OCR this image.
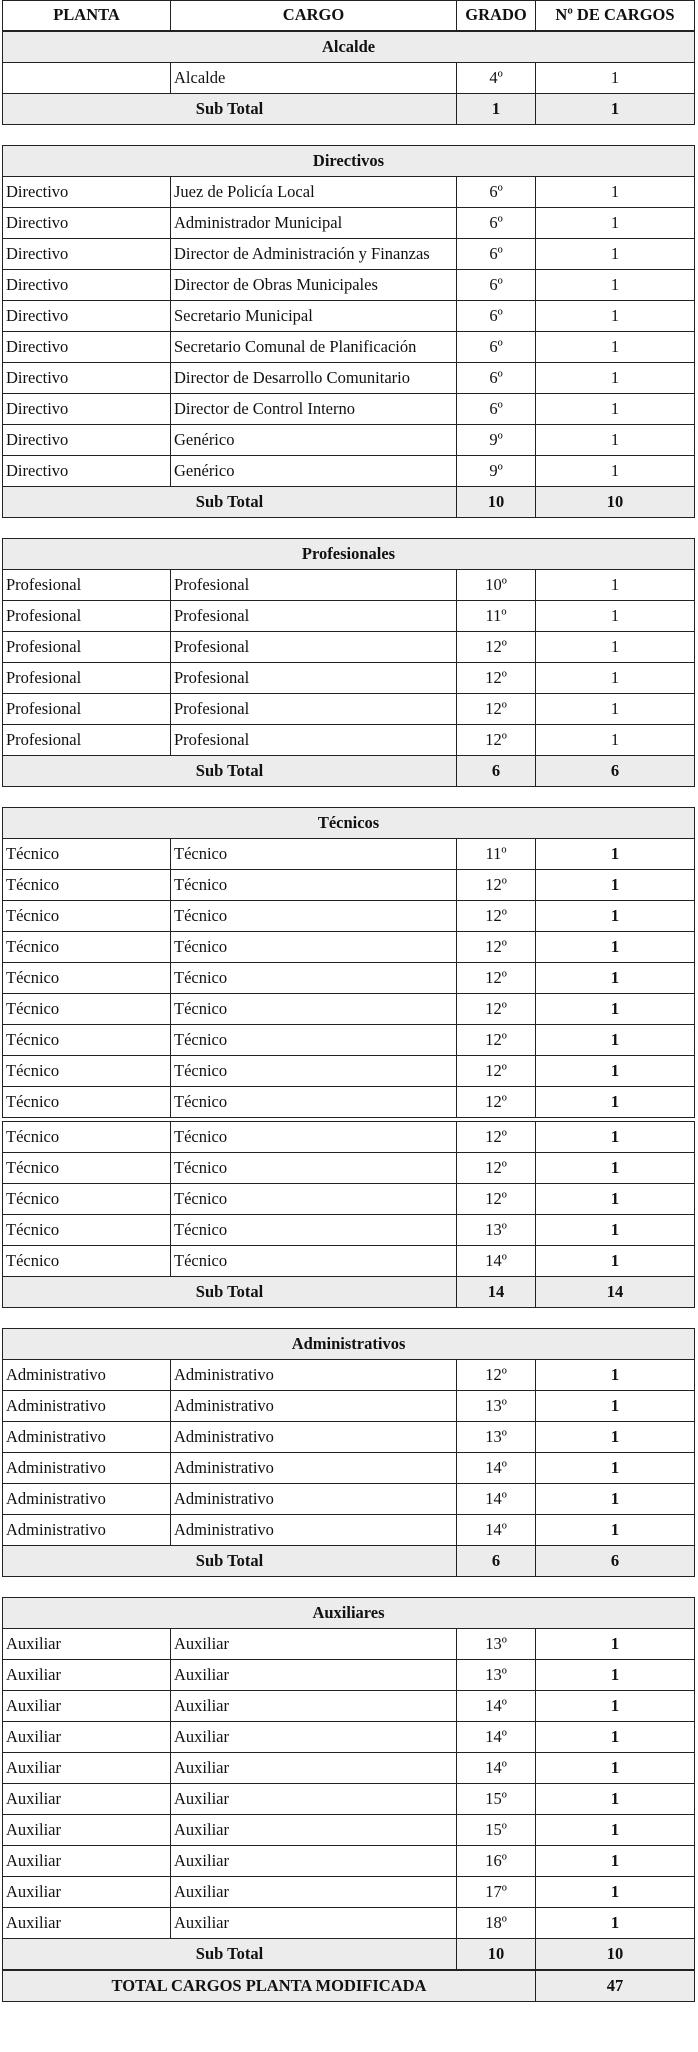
PLANTA	CARGO	GRADO	Nº DE CARGOS
Alcalde			
	Alcalde	4º	1
Sub Total		1	1
Directivos			
Directivo	Juez de Policía Local	6º	1
Directivo	Administrador Municipal	6º	1
Directivo	Director de Administración y Finanzas	6º	1
Directivo	Director de Obras Municipales	6º	1
Directivo	Secretario Municipal	6º	1
Directivo	Secretario Comunal de Planificación	6º	1
Directivo	Director de Desarrollo Comunitario	6º	1
Directivo	Director de Control Interno	6º	1
Directivo	Genérico	9º	1
Directivo	Genérico	9º	1
Sub Total		10	10
Profesionales			
Profesional	Profesional	10º	1
Profesional	Profesional	11º	1
Profesional	Profesional	12º	1
Profesional	Profesional	12º	1
Profesional	Profesional	12º	1
Profesional	Profesional	12º	1
Sub Total		6	6
Técnicos			
Técnico	Técnico	11º	1
Técnico	Técnico	12º	1
Técnico	Técnico	12º	1
Técnico	Técnico	12º	1
Técnico	Técnico	12º	1
Técnico	Técnico	12º	1
Técnico	Técnico	12º	1
Técnico	Técnico	12º	1
Técnico	Técnico	12º	1

Técnico	Técnico	12º	1
Técnico	Técnico	12º	1
Técnico	Técnico	12º	1
Técnico	Técnico	13º	1
Técnico	Técnico	14º	1
Sub Total		14	14
Administrativos			
Administrativo	Administrativo	12º	1
Administrativo	Administrativo	13º	1
Administrativo	Administrativo	13º	1
Administrativo	Administrativo	14º	1
Administrativo	Administrativo	14º	1
Administrativo	Administrativo	14º	1
Sub Total		6	6
Auxiliares			
Auxiliar	Auxiliar	13º	1
Auxiliar	Auxiliar	13º	1
Auxiliar	Auxiliar	14º	1
Auxiliar	Auxiliar	14º	1
Auxiliar	Auxiliar	14º	1
Auxiliar	Auxiliar	15º	1
Auxiliar	Auxiliar	15º	1
Auxiliar	Auxiliar	16º	1
Auxiliar	Auxiliar	17º	1
Auxiliar	Auxiliar	18º	1
Sub Total		10	10
TOTAL CARGOS PLANTA MODIFICADA	47
